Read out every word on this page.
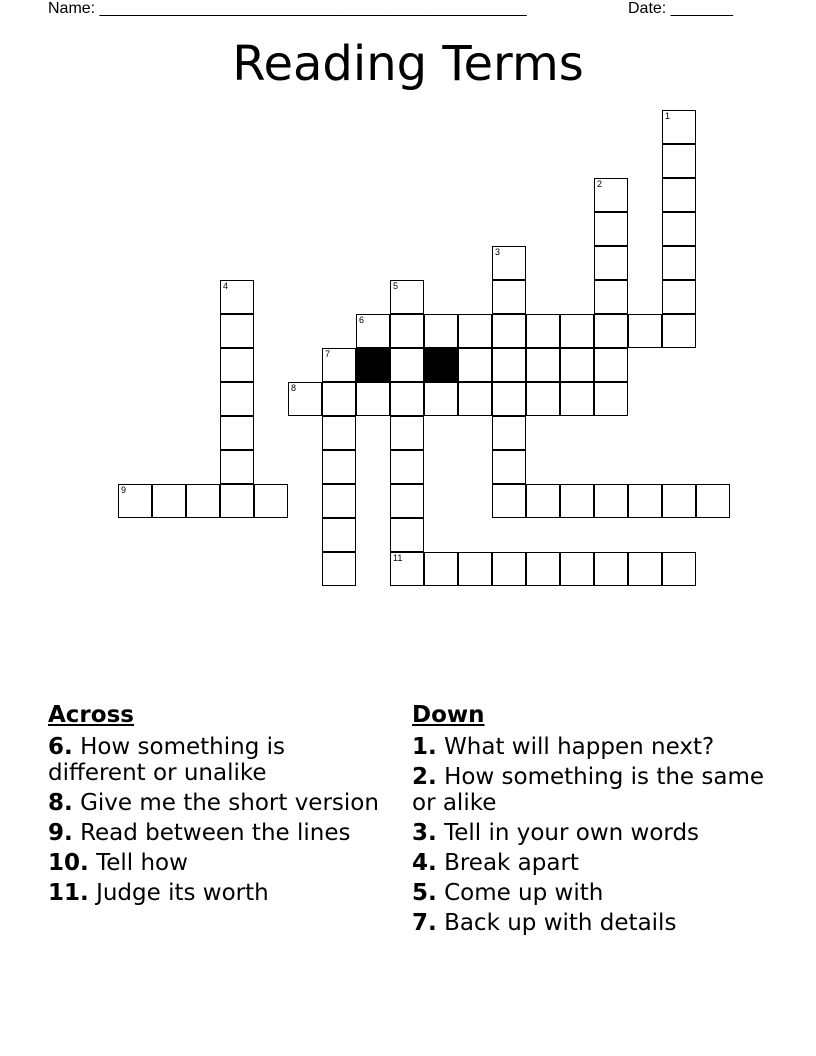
Name: ________________________________________________	Date: _______
Reading Terms
1
2
3
4	5
11
6
7
8
9
Across
6. How something is different or unalike
8. Give me the short version
9. Read between the lines
10. Tell how
11. Judge its worth
Down
1. What will happen next?
2. How something is the same or alike
3. Tell in your own words
4. Break apart
5. Come up with
7. Back up with details
